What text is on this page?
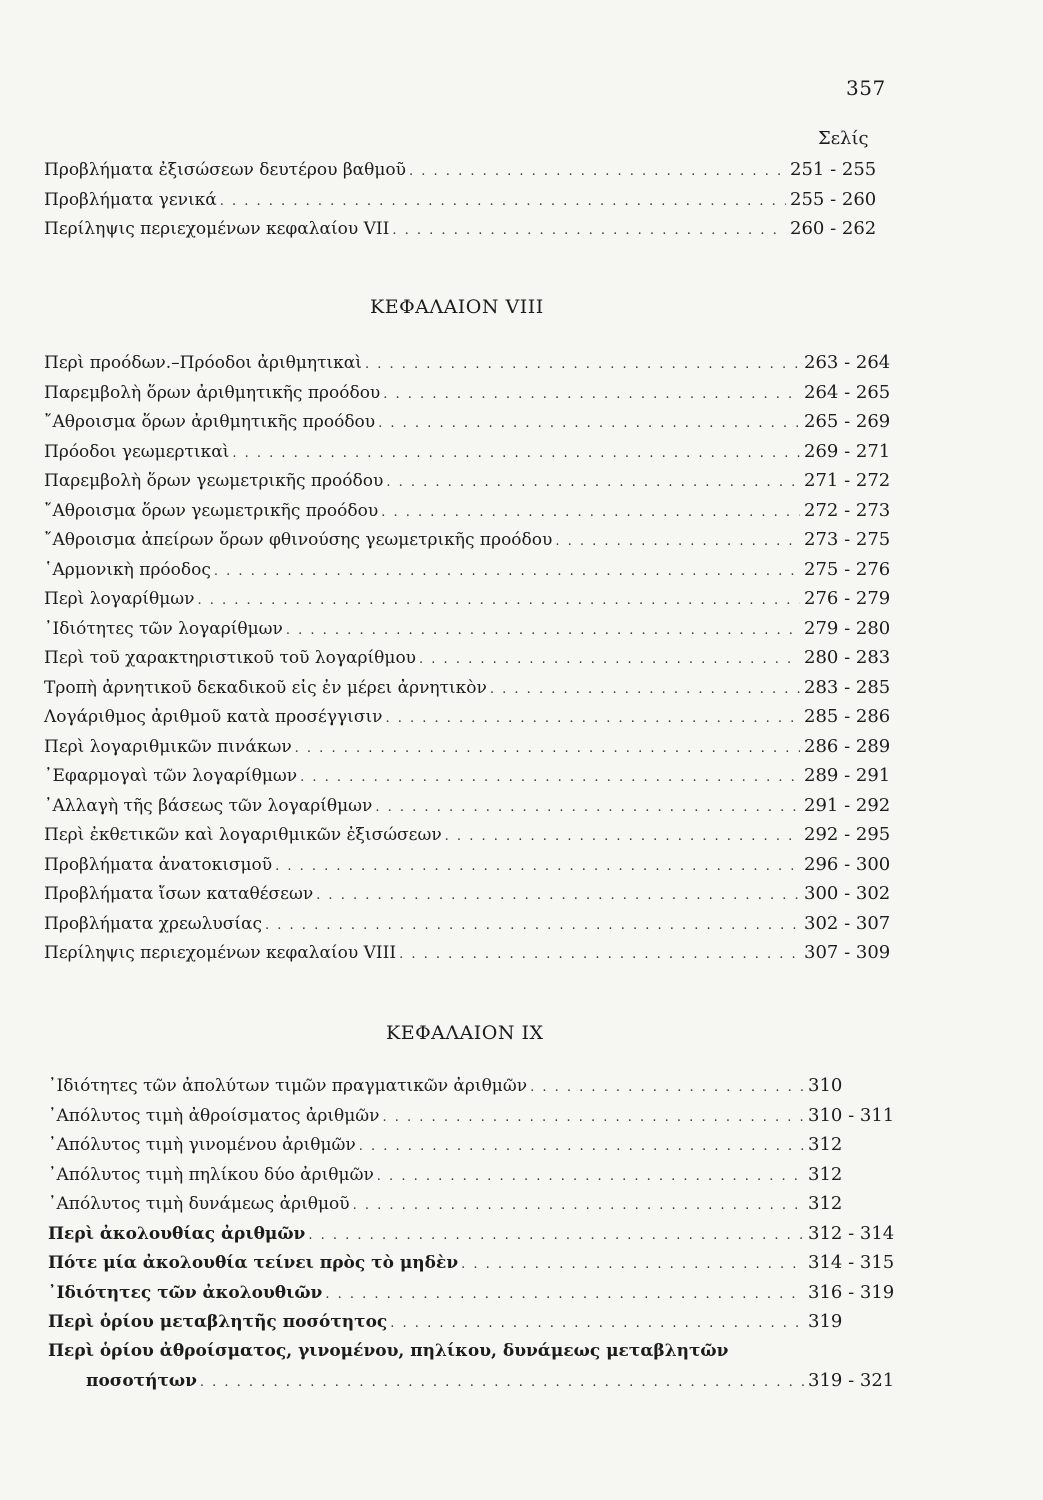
357
Σελίς
Προβλήματα ἐξισώσεων δευτέρου βαθμοῦ . . .	251 - 255
Προβλήματα γενικά . . .	255 - 260
Περίληψις περιεχομένων κεφαλαίου VII . . .	260 - 262
ΚΕΦΑΛΑΙΟΝ VIII
Περὶ προόδων.–Πρόοδοι ἀριθμητικαὶ . . .	263 - 264
Παρεμβολὴ ὅρων ἀριθμητικῆς προόδου . . .	264 - 265
῎Αθροισμα ὅρων ἀριθμητικῆς προόδου . . .	265 - 269
Πρόοδοι γεωμερτικαὶ . . .	269 - 271
Παρεμβολὴ ὅρων γεωμετρικῆς προόδου . . .	271 - 272
῎Αθροισμα ὅρων γεωμετρικῆς προόδου . . .	272 - 273
῎Αθροισμα ἀπείρων ὅρων φθινούσης γεωμετρικῆς προόδου . . .	273 - 275
῾Αρμονικὴ πρόοδος . . .	275 - 276
Περὶ λογαρίθμων . . .	276 - 279
᾿Ιδιότητες τῶν λογαρίθμων . . .	279 - 280
Περὶ τοῦ χαρακτηριστικοῦ τοῦ λογαρίθμου . . .	280 - 283
Τροπὴ ἀρνητικοῦ δεκαδικοῦ εἰς ἐν μέρει ἀρνητικὸν . . .	283 - 285
Λογάριθμος ἀριθμοῦ κατὰ προσέγγισιν . . .	285 - 286
Περὶ λογαριθμικῶν πινάκων . . .	286 - 289
᾿Εφαρμογαὶ τῶν λογαρίθμων . . .	289 - 291
᾿Αλλαγὴ τῆς βάσεως τῶν λογαρίθμων . . .	291 - 292
Περὶ ἐκθετικῶν καὶ λογαριθμικῶν ἐξισώσεων . . .	292 - 295
Προβλήματα ἀνατοκισμοῦ . . .	296 - 300
Προβλήματα ἴσων καταθέσεων . . .	300 - 302
Προβλήματα χρεωλυσίας . . .	302 - 307
Περίληψις περιεχομένων κεφαλαίου VIII . . .	307 - 309
ΚΕΦΑΛΑΙΟΝ IX
᾿Ιδιότητες τῶν ἀπολύτων τιμῶν πραγματικῶν ἀριθμῶν . . .	310
᾿Απόλυτος τιμὴ ἀθροίσματος ἀριθμῶν . . .	310 - 311
᾿Απόλυτος τιμὴ γινομένου ἀριθμῶν . . .	312
᾿Απόλυτος τιμὴ πηλίκου δύο ἀριθμῶν . . .	312
᾿Απόλυτος τιμὴ δυνάμεως ἀριθμοῦ . . .	312
Περὶ ἀκολουθίας ἀριθμῶν . . .	312 - 314
Πότε μία ἀκολουθία τείνει πρὸς τὸ μηδὲν . . .	314 - 315
᾿Ιδιότητες τῶν ἀκολουθιῶν . . .	316 - 319
Περὶ ὁρίου μεταβλητῆς ποσότητος . . .	319
Περὶ ὁρίου ἀθροίσματος, γινομένου, πηλίκου, δυνάμεως μεταβλητῶν
ποσοτήτων . . .	319 - 321
